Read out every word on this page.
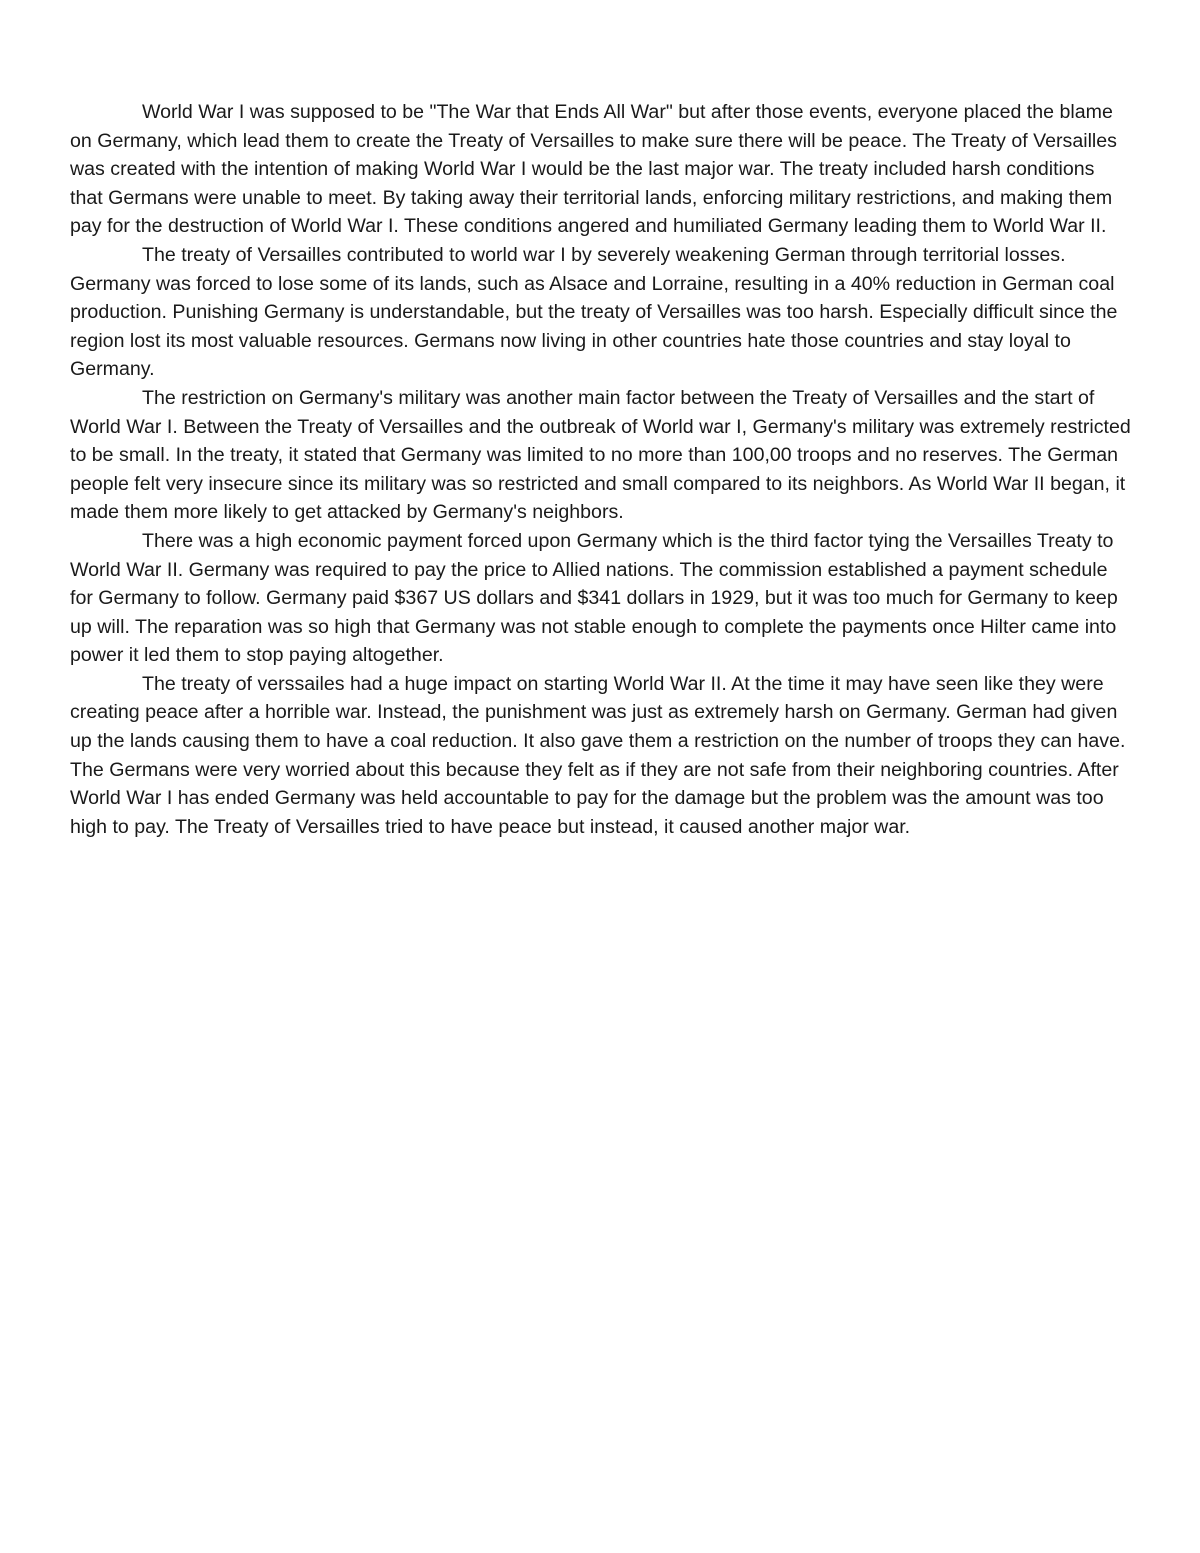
World War I was supposed to be "The War that Ends All War" but after those events, everyone placed the blame on Germany, which lead them to create the Treaty of Versailles to make sure there will be peace. The Treaty of Versailles was created with the intention of making World War I would be the last major war. The treaty included harsh conditions that Germans were unable to meet. By taking away their territorial lands, enforcing military restrictions, and making them pay for the destruction of World War I. These conditions angered and humiliated Germany leading them to World War II.

The treaty of Versailles contributed to world war I by severely weakening German through territorial losses. Germany was forced to lose some of its lands, such as Alsace and Lorraine, resulting in a 40% reduction in German coal production. Punishing Germany is understandable, but the treaty of Versailles was too harsh. Especially difficult since the region lost its most valuable resources. Germans now living in other countries hate those countries and stay loyal to Germany.

The restriction on Germany's military was another main factor between the Treaty of Versailles and the start of World War I. Between the Treaty of Versailles and the outbreak of World war I, Germany's military was extremely restricted to be small. In the treaty, it stated that Germany was limited to no more than 100,00 troops and no reserves. The German people felt very insecure since its military was so restricted and small compared to its neighbors. As World War II began, it made them more likely to get attacked by Germany's neighbors.

There was a high economic payment forced upon Germany which is the third factor tying the Versailles Treaty to World War II. Germany was required to pay the price to Allied nations. The commission established a payment schedule for Germany to follow. Germany paid $367 US dollars and $341 dollars in 1929, but it was too much for Germany to keep up will. The reparation was so high that Germany was not stable enough to complete the payments once Hilter came into power it led them to stop paying altogether.

The treaty of verssailes had a huge impact on starting World War II. At the time it may have seen like they were creating peace after a horrible war. Instead, the punishment was just as extremely harsh on Germany. German had given up the lands causing them to have a coal reduction. It also gave them a restriction on the number of troops they can have. The Germans were very worried about this because they felt as if they are not safe from their neighboring countries. After World War I has ended Germany was held accountable to pay for the damage but the problem was the amount was too high to pay. The Treaty of Versailles tried to have peace but instead, it caused another major war.
